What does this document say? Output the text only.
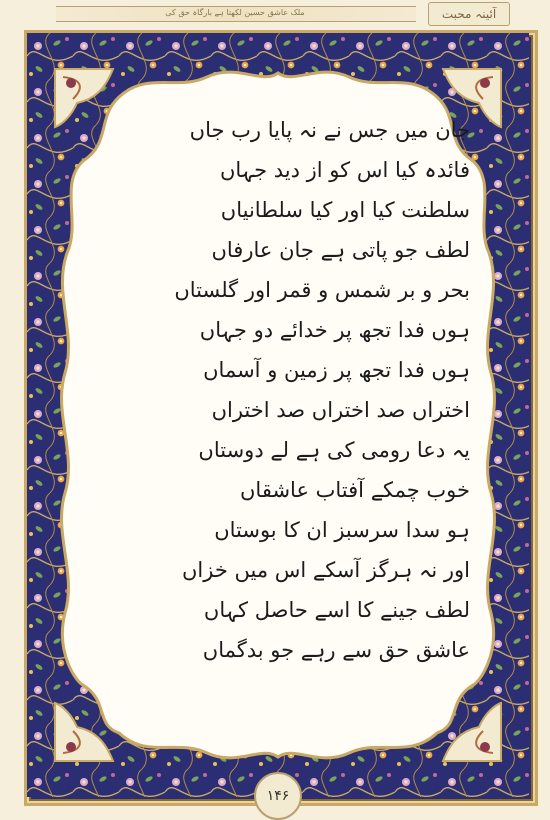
ملک عاشق حسین لکھتا ہے بارگاہ حق کی	آئینہ محبت
جان میں جس نے نہ پایا رب جاں
فائدہ کیا اس کو از دید جہاں
سلطنت کیا اور کیا سلطانیاں
لطف جو پاتی ہے جان عارفاں
بحر و بر شمس و قمر اور گلستاں
ہوں فدا تجھ پر خدائے دو جہاں
ہوں فدا تجھ پر زمین و آسماں
اختراں صد اختراں صد اختراں
یہ دعا رومی کی ہے لے دوستاں
خوب چمکے آفتاب عاشقاں
ہو سدا سرسبز ان کا بوستاں
اور نہ ہرگز آسکے اس میں خزاں
لطف جینے کا اسے حاصل کہاں
عاشق حق سے رہے جو بدگماں
۱۴۶
